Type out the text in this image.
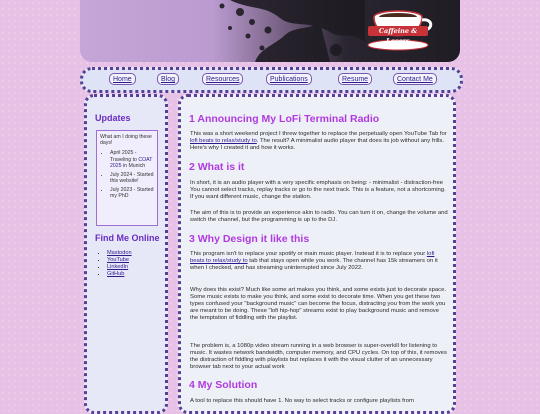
Caffeine & Lasers
Home	Blog	Resources	Publications	Resume	Contact Me
Updates
What am I doing these days!
• April 2025 - Traveling to COAT 2025 in Munich
• July 2024 - Started this website!
• July 2023 - Started my PhD
Find Me Online
• Mastodon
• YouTube
• LinkedIn
• GitHub
1 Announcing My LoFi Terminal Radio

This was a short weekend project I threw together to replace the perpetually open YouTube Tab for lofi beats to relax/study to. The result? A minimalist audio player that does its job without any frills. Here's why I created it and how it works.

2 What is it

In short, it is an audio player with a very specific emphasis on being: - minimalist - distraction-free You cannot select tracks, replay tracks or go to the next track. This is a feature, not a shortcoming. If you want different music, change the station.

The aim of this is to provide an experience akin to radio. You can turn it on, change the volume and switch the channel, but the programming is up to the DJ.

3 Why Design it like this

This program isn't to replace your spotify or main music player. Instead it is to replace your lofi beats to relax/study to tab that stays open while you work. The channel has 15k streamers on it when I checked, and has streaming uninterrupted since July 2022.

Why does this exist? Much like some art makes you think, and some exists just to decorate space. Some music exists to make you think, and some exist to decorate time. When you get these two types confused your "background music" can become the focus, distracting you from the work you are meant to be doing. These "lofi hip-hop" streams exist to play background music and remove the temptation of fiddling with the playlist.

The problem is, a 1080p video stream running in a web browser is super-overkill for listening to music. It wastes network bandwidth, computer memory, and CPU cycles. On top of this, it removes the distraction of fiddling with playlists but replaces it with the visual clutter of an unnecessary browser tab next to your actual work

4 My Solution

A tool to replace this should have 1. No way to select tracks or configure playlists from
